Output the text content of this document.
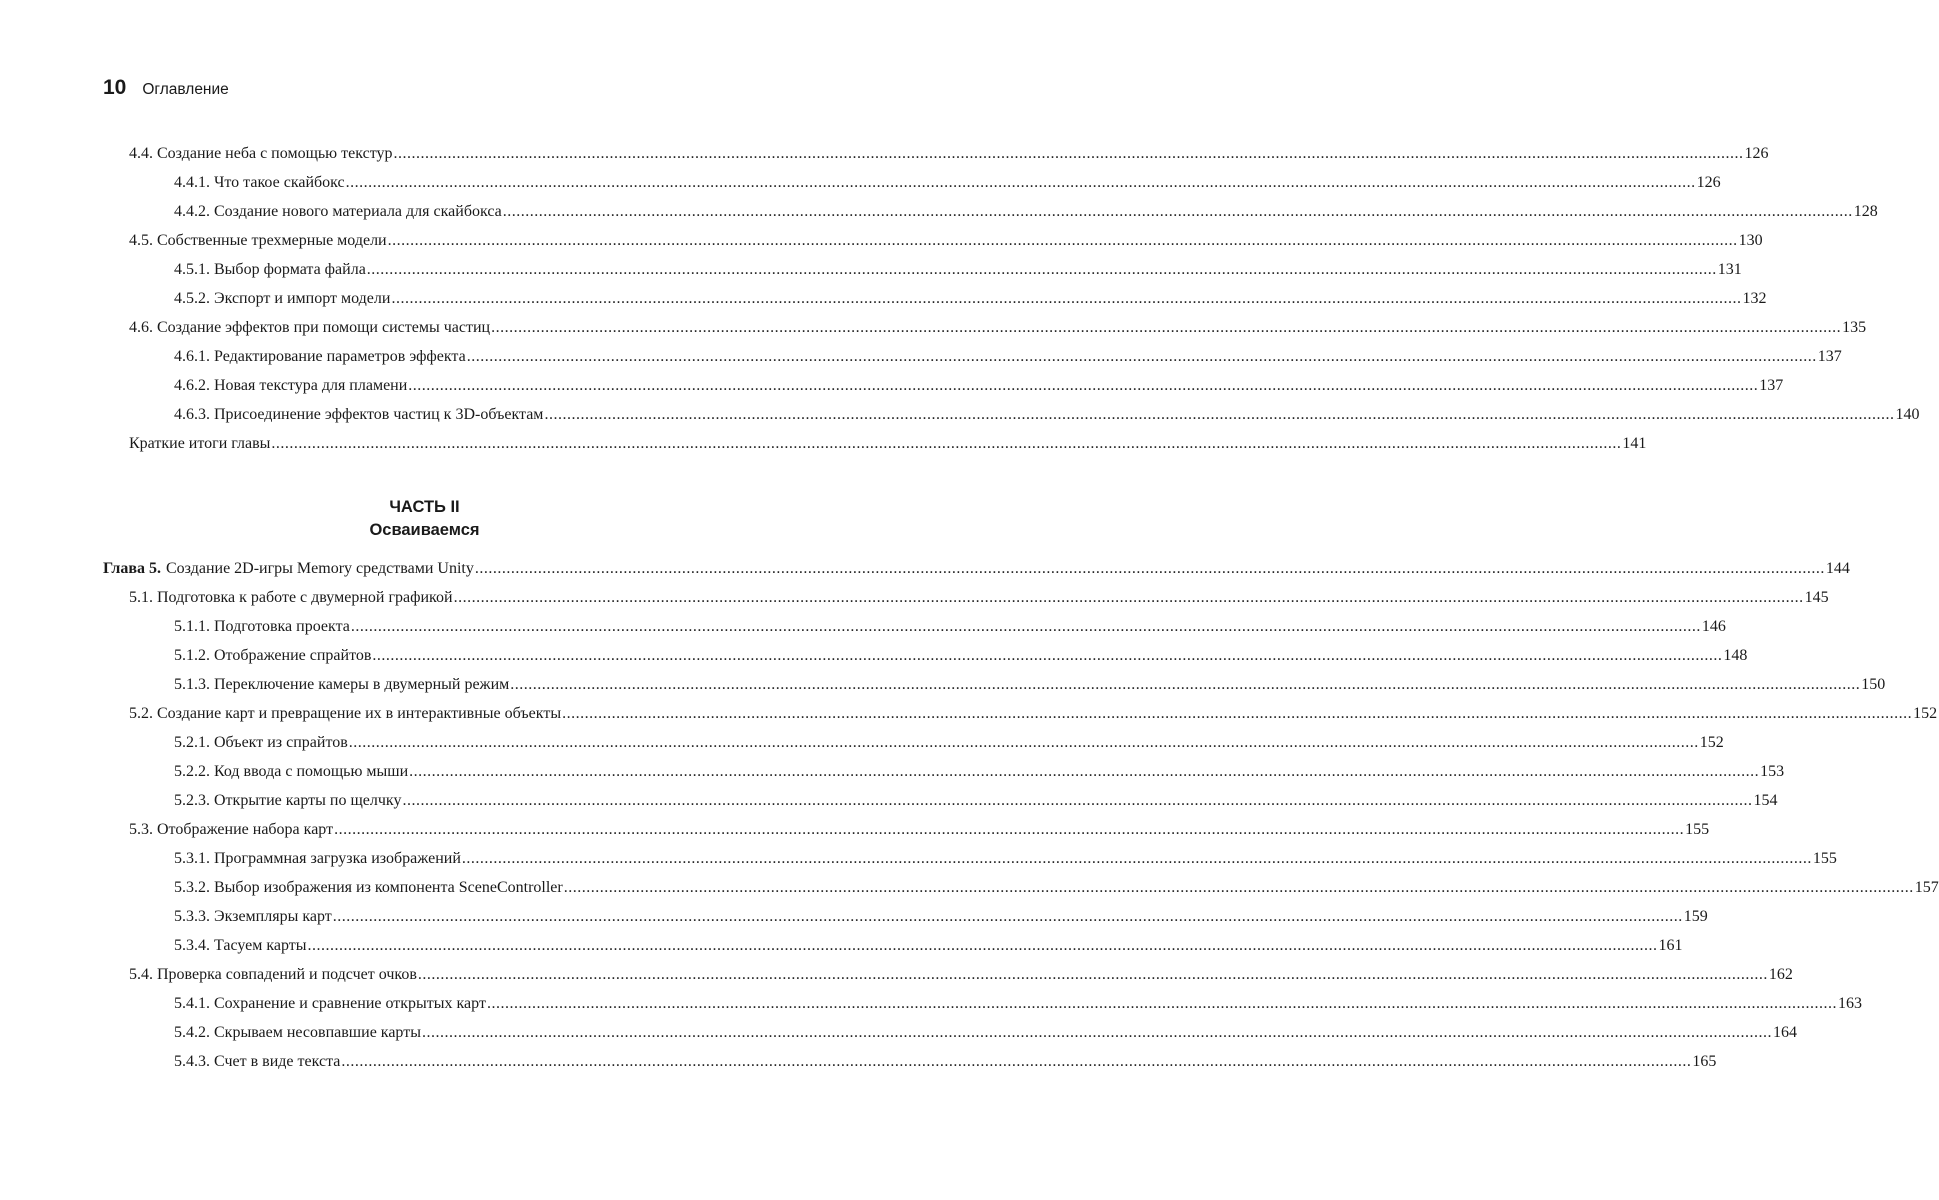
10 Оглавление
4.4. Создание неба с помощью текстур ............................................................................................................................................................................................................................................................................................................ 126
4.4.1. Что такое скайбокс ............................................................................................................................................................................................................................................................................................................ 126
4.4.2. Создание нового материала для скайбокса ............................................................................................................................................................................................................................................................................................................ 128
4.5. Собственные трехмерные модели ............................................................................................................................................................................................................................................................................................................ 130
4.5.1. Выбор формата файла ............................................................................................................................................................................................................................................................................................................ 131
4.5.2. Экспорт и импорт модели ............................................................................................................................................................................................................................................................................................................ 132
4.6. Создание эффектов при помощи системы частиц ............................................................................................................................................................................................................................................................................................................ 135
4.6.1. Редактирование параметров эффекта ............................................................................................................................................................................................................................................................................................................ 137
4.6.2. Новая текстура для пламени ............................................................................................................................................................................................................................................................................................................ 137
4.6.3. Присоединение эффектов частиц к 3D-объектам ............................................................................................................................................................................................................................................................................................................ 140
Краткие итоги главы ............................................................................................................................................................................................................................................................................................................ 141
ЧАСТЬ II
Осваиваемся
Глава 5. Создание 2D-игры Memory средствами Unity ............................................................................................................................................................................................................................................................................................................ 144
5.1. Подготовка к работе с двумерной графикой ............................................................................................................................................................................................................................................................................................................ 145
5.1.1. Подготовка проекта ............................................................................................................................................................................................................................................................................................................ 146
5.1.2. Отображение спрайтов ............................................................................................................................................................................................................................................................................................................ 148
5.1.3. Переключение камеры в двумерный режим ............................................................................................................................................................................................................................................................................................................ 150
5.2. Создание карт и превращение их в интерактивные объекты ............................................................................................................................................................................................................................................................................................................ 152
5.2.1. Объект из спрайтов ............................................................................................................................................................................................................................................................................................................ 152
5.2.2. Код ввода с помощью мыши ............................................................................................................................................................................................................................................................................................................ 153
5.2.3. Открытие карты по щелчку ............................................................................................................................................................................................................................................................................................................ 154
5.3. Отображение набора карт ............................................................................................................................................................................................................................................................................................................ 155
5.3.1. Программная загрузка изображений ............................................................................................................................................................................................................................................................................................................ 155
5.3.2. Выбор изображения из компонента SceneController ............................................................................................................................................................................................................................................................................................................ 157
5.3.3. Экземпляры карт ............................................................................................................................................................................................................................................................................................................ 159
5.3.4. Тасуем карты ............................................................................................................................................................................................................................................................................................................ 161
5.4. Проверка совпадений и подсчет очков ............................................................................................................................................................................................................................................................................................................ 162
5.4.1. Сохранение и сравнение открытых карт ............................................................................................................................................................................................................................................................................................................ 163
5.4.2. Скрываем несовпавшие карты ............................................................................................................................................................................................................................................................................................................ 164
5.4.3. Счет в виде текста ............................................................................................................................................................................................................................................................................................................ 165
